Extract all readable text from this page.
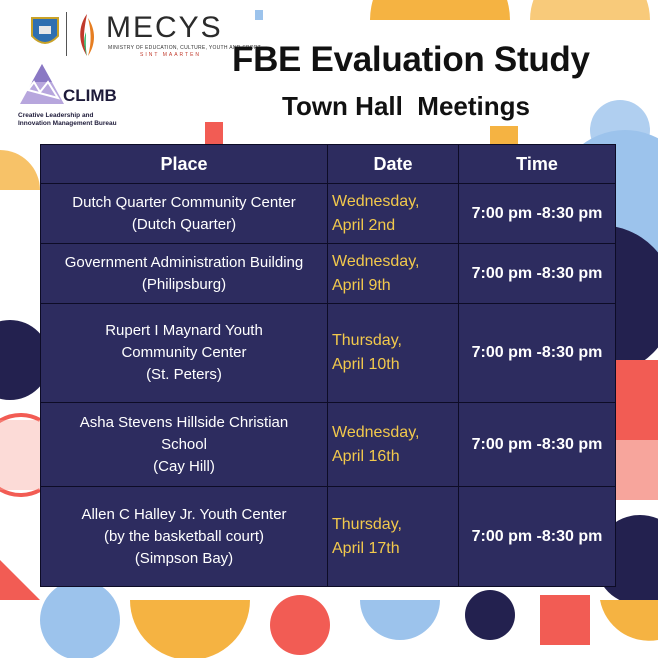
MECYS
MINISTRY OF EDUCATION, CULTURE, YOUTH AND SPORT
SINT MAARTEN
CLIMB
Creative Leadership and
Innovation Management Bureau
FBE Evaluation Study
Town Hall  Meetings
Place	Date	Time

Dutch Quarter Community Center
(Dutch Quarter)	Wednesday,
April 2nd	7:00 pm -8:30 pm

Government Administration Building
(Philipsburg)	Wednesday,
April 9th	7:00 pm -8:30 pm

Rupert I Maynard Youth
Community Center
(St. Peters)	Thursday,
April 10th	7:00 pm -8:30 pm

Asha Stevens Hillside Christian
School
(Cay Hill)	Wednesday,
April 16th	7:00 pm -8:30 pm

Allen C Halley Jr. Youth Center
(by the basketball court)
(Simpson Bay)	Thursday,
April 17th	7:00 pm -8:30 pm
